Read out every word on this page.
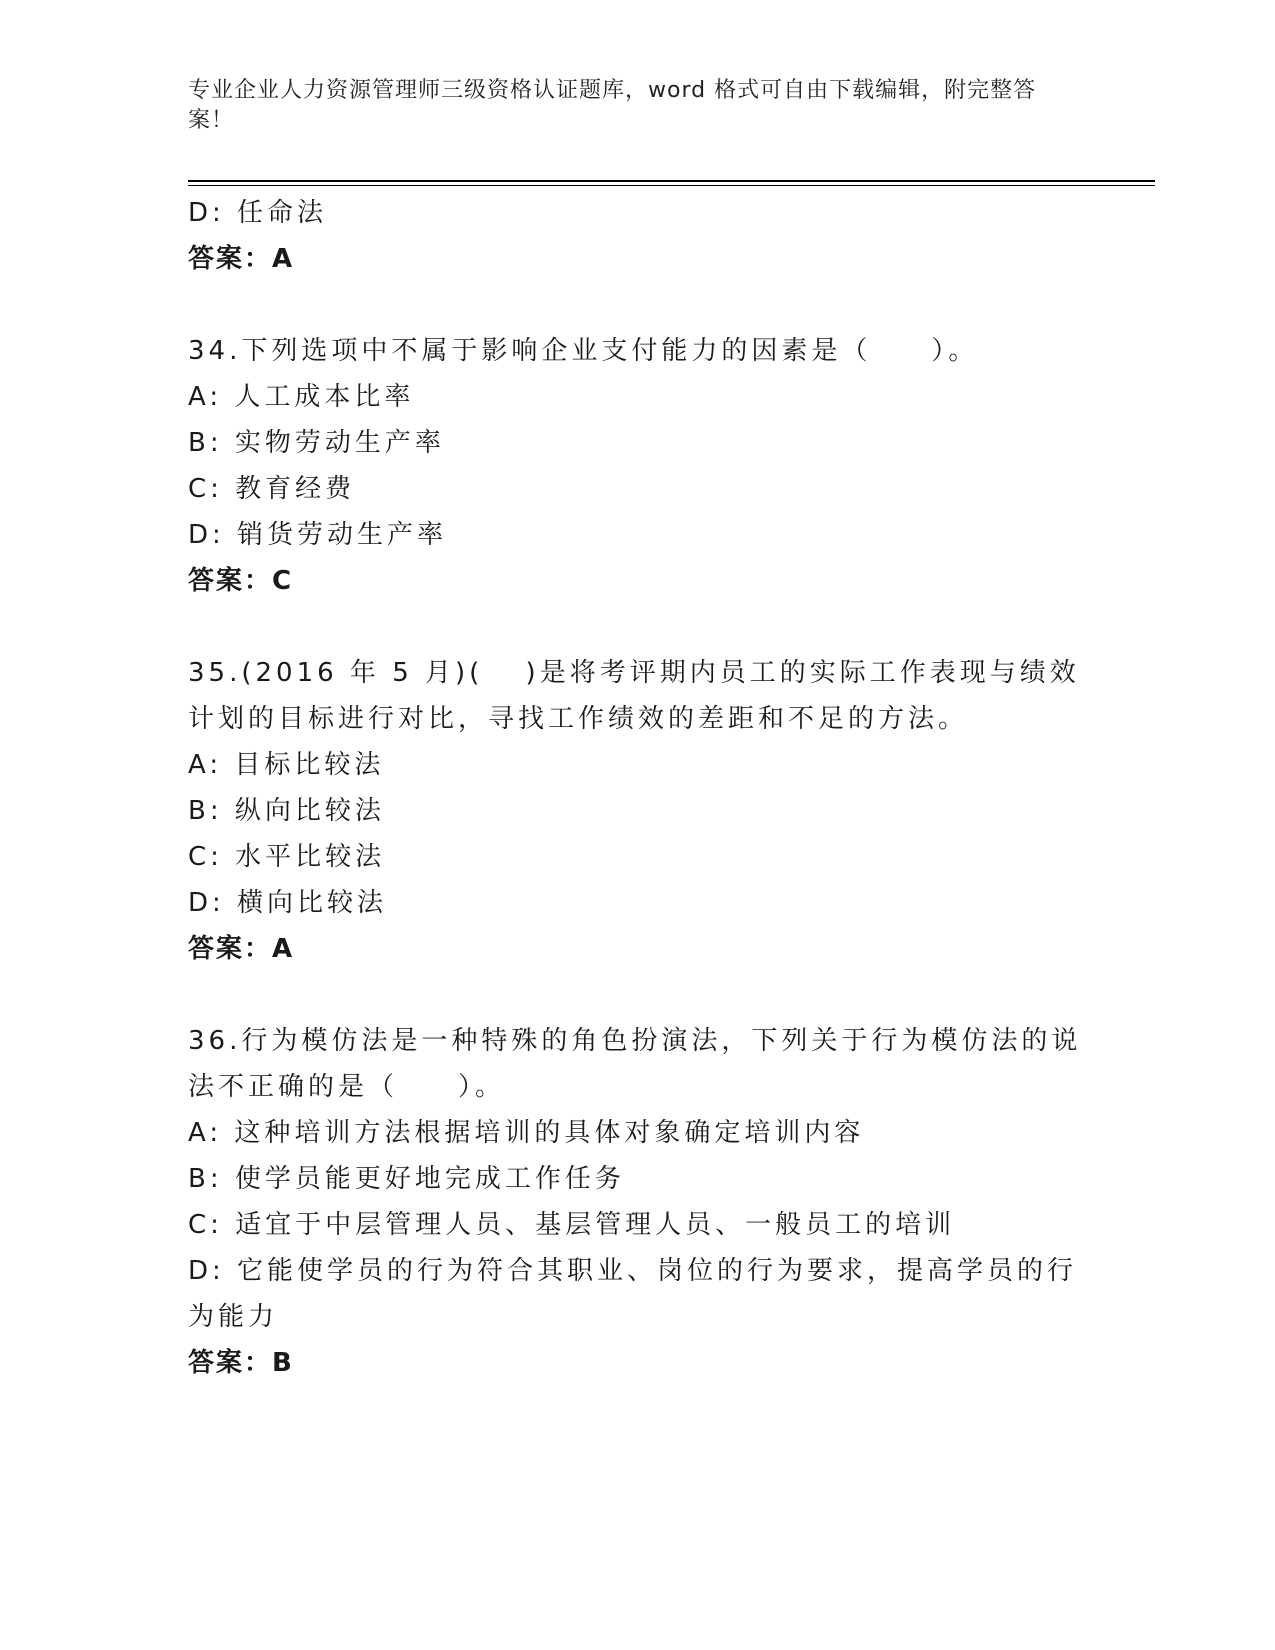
专业企业人力资源管理师三级资格认证题库，word 格式可自由下载编辑，附完整答案！
D: 任命法
答案：A
34.下列选项中不属于影响企业支付能力的因素是（　　）。
A: 人工成本比率
B: 实物劳动生产率
C: 教育经费
D: 销货劳动生产率
答案：C
35.(2016 年 5 月)(　 )是将考评期内员工的实际工作表现与绩效计划的目标进行对比，寻找工作绩效的差距和不足的方法。
A: 目标比较法
B: 纵向比较法
C: 水平比较法
D: 横向比较法
答案：A
36.行为模仿法是一种特殊的角色扮演法，下列关于行为模仿法的说法不正确的是（　　）。
A: 这种培训方法根据培训的具体对象确定培训内容
B: 使学员能更好地完成工作任务
C: 适宜于中层管理人员、基层管理人员、一般员工的培训
D: 它能使学员的行为符合其职业、岗位的行为要求，提高学员的行为能力
答案：B
